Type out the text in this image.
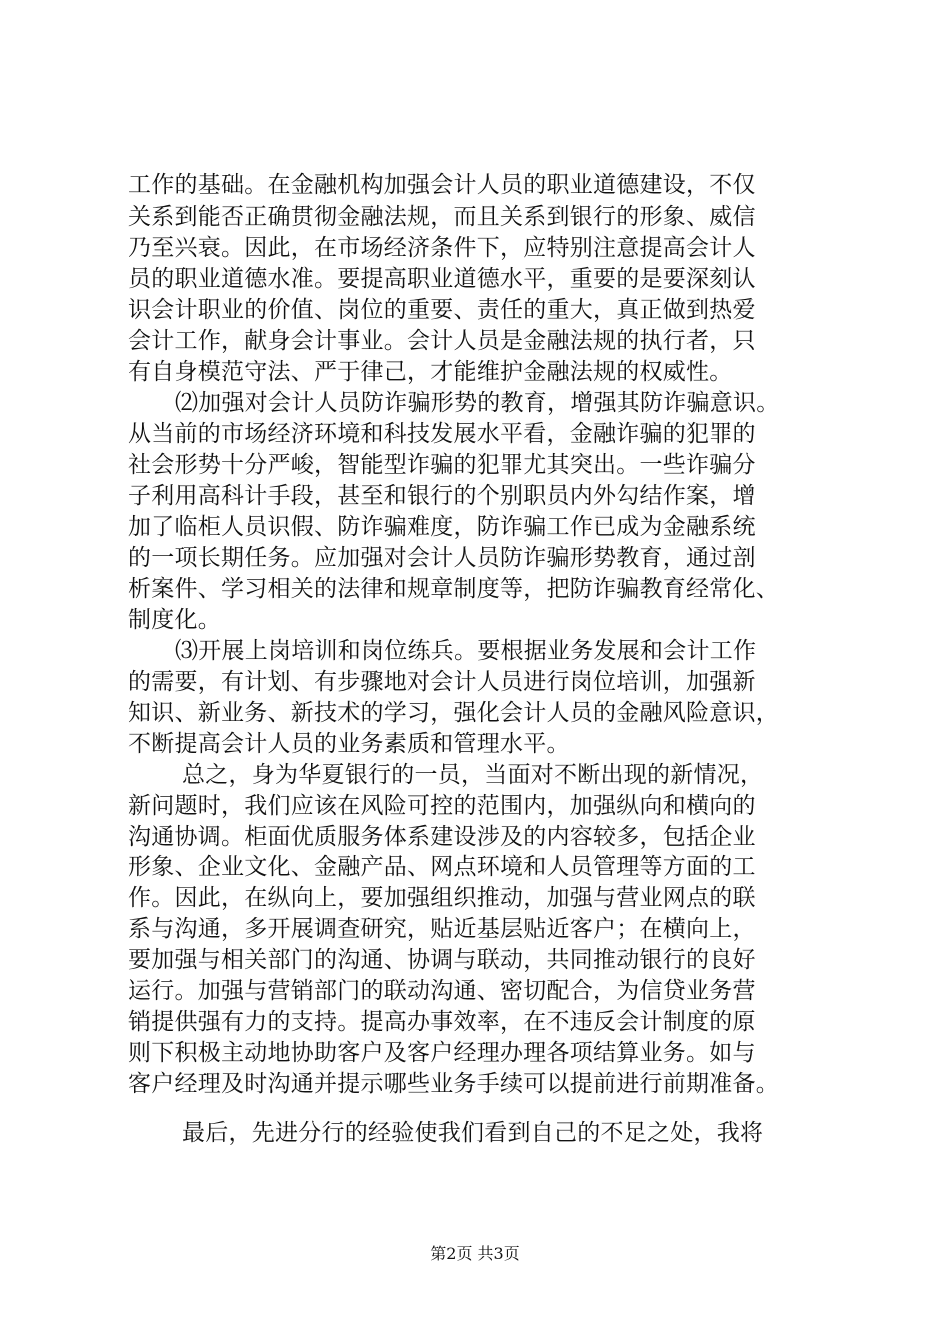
工作的基础。在金融机构加强会计人员的职业道德建设，不仅
关系到能否正确贯彻金融法规，而且关系到银行的形象、威信
乃至兴衰。因此，在市场经济条件下，应特别注意提高会计人
员的职业道德水准。要提高职业道德水平，重要的是要深刻认
识会计职业的价值、岗位的重要、责任的重大，真正做到热爱
会计工作，献身会计事业。会计人员是金融法规的执行者，只
有自身模范守法、严于律己，才能维护金融法规的权威性。
⑵加强对会计人员防诈骗形势的教育，增强其防诈骗意识。
从当前的市场经济环境和科技发展水平看，金融诈骗的犯罪的
社会形势十分严峻，智能型诈骗的犯罪尤其突出。一些诈骗分
子利用高科计手段，甚至和银行的个别职员内外勾结作案，增
加了临柜人员识假、防诈骗难度，防诈骗工作已成为金融系统
的一项长期任务。应加强对会计人员防诈骗形势教育，通过剖
析案件、学习相关的法律和规章制度等，把防诈骗教育经常化、
制度化。
⑶开展上岗培训和岗位练兵。要根据业务发展和会计工作
的需要，有计划、有步骤地对会计人员进行岗位培训，加强新
知识、新业务、新技术的学习，强化会计人员的金融风险意识，
不断提高会计人员的业务素质和管理水平。
总之，身为华夏银行的一员，当面对不断出现的新情况，
新问题时，我们应该在风险可控的范围内，加强纵向和横向的
沟通协调。柜面优质服务体系建设涉及的内容较多，包括企业
形象、企业文化、金融产品、网点环境和人员管理等方面的工
作。因此，在纵向上，要加强组织推动，加强与营业网点的联
系与沟通，多开展调查研究，贴近基层贴近客户；在横向上，
要加强与相关部门的沟通、协调与联动，共同推动银行的良好
运行。加强与营销部门的联动沟通、密切配合，为信贷业务营
销提供强有力的支持。提高办事效率，在不违反会计制度的原
则下积极主动地协助客户及客户经理办理各项结算业务。如与
客户经理及时沟通并提示哪些业务手续可以提前进行前期准备。
最后，先进分行的经验使我们看到自己的不足之处，我将
第2页 共3页
